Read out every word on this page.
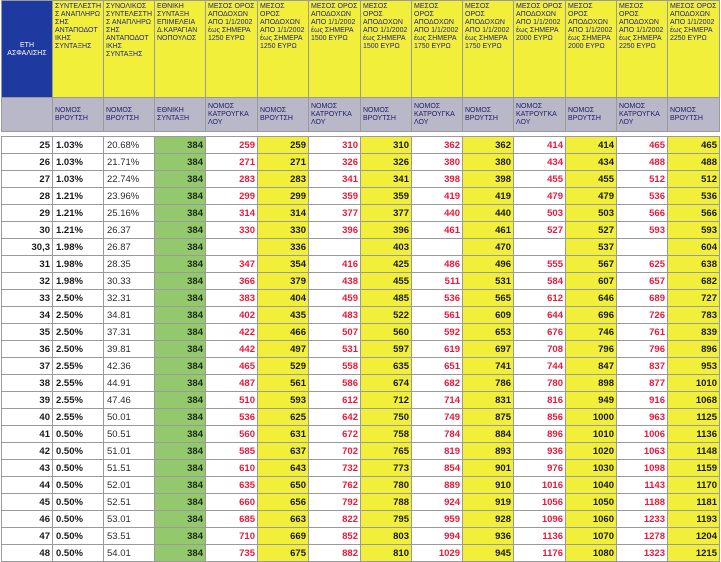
ΕΤΗ ΑΣΦΑΛΙΣΗΣ	ΣΥΝΤΕΛΕΣΤΗ Σ ΑΝΑΠΛΗΡΩ ΣΗΣ ΑΝΤΑΠΟΔΟΤ ΙΚΗΣ ΣΥΝΤΑΞΗΣ	ΣΥΝΟΛΙΚΟΣ ΣΥΝΤΕΛΕΣΤΗ Σ ΑΝΑΠΛΗΡΩ ΣΗΣ ΑΝΤΑΠΟΔΟΤ ΙΚΗΣ ΣΥΝΤΑΞΗΣ	ΕΘΝΙΚΗ ΣΥΝΤΑΞΗ ΕΠΙΜΕΛΕΙΑ Δ.ΚΑΡΑΓΙΑΝ ΝΟΠΟΥΛΟΣ	ΜΕΣΟΣ ΟΡΟΣ ΑΠΟΔΟΧΩΝ ΑΠΟ 1/1/2002 έως ΣΗΜΕΡΑ 1250 ΕΥΡΩ	ΜΕΣΟΣ ΟΡΟΣ ΑΠΟΔΟΧΩΝ ΑΠΟ 1/1/2002 έως ΣΗΜΕΡΑ 1250 ΕΥΡΩ	ΜΕΣΟΣ ΟΡΟΣ ΑΠΟΔΟΧΩΝ ΑΠΟ 1/1/2002 έως ΣΗΜΕΡΑ 1500 ΕΥΡΩ	ΜΕΣΟΣ ΟΡΟΣ ΑΠΟΔΟΧΩΝ ΑΠΟ 1/1/2002 έως ΣΗΜΕΡΑ 1500 ΕΥΡΩ	ΜΕΣΟΣ ΟΡΟΣ ΑΠΟΔΟΧΩΝ ΑΠΟ 1/1/2002 έως ΣΗΜΕΡΑ 1750 ΕΥΡΩ	ΜΕΣΟΣ ΟΡΟΣ ΑΠΟΔΟΧΩΝ ΑΠΟ 1/1/2002 έως ΣΗΜΕΡΑ 1750 ΕΥΡΩ	ΜΕΣΟΣ ΟΡΟΣ ΑΠΟΔΟΧΩΝ ΑΠΟ 1/1/2002 έως ΣΗΜΕΡΑ 2000 ΕΥΡΩ	ΜΕΣΟΣ ΟΡΟΣ ΑΠΟΔΟΧΩΝ ΑΠΟ 1/1/2002 έως ΣΗΜΕΡΑ 2000 ΕΥΡΩ	ΜΕΣΟΣ ΟΡΟΣ ΑΠΟΔΟΧΩΝ ΑΠΟ 1/1/2002 έως ΣΗΜΕΡΑ 2250 ΕΥΡΩ	ΜΕΣΟΣ ΟΡΟΣ ΑΠΟΔΟΧΩΝ ΑΠΟ 1/1/2002 έως ΣΗΜΕΡΑ 2250 ΕΥΡΩ
	ΝΟΜΟΣ ΒΡΟΥΤΣΗ	ΝΟΜΟΣ ΒΡΟΥΤΣΗ	ΕΘΝΙΚΗ ΣΥΝΤΑΞΗ	ΝΟΜΟΣ ΚΑΤΡΟΥΓΚΑ ΛΟΥ	ΝΟΜΟΣ ΒΡΟΥΤΣΗ	ΝΟΜΟΣ ΚΑΤΡΟΥΓΚΑ ΛΟΥ	ΝΟΜΟΣ ΒΡΟΥΤΣΗ	ΝΟΜΟΣ ΚΑΤΡΟΥΓΚΑ ΛΟΥ	ΝΟΜΟΣ ΒΡΟΥΤΣΗ	ΝΟΜΟΣ ΚΑΤΡΟΥΓΚΑ ΛΟΥ	ΝΟΜΟΣ ΒΡΟΥΤΣΗ	ΝΟΜΟΣ ΚΑΤΡΟΥΓΚΑ ΛΟΥ	ΝΟΜΟΣ ΒΡΟΥΤΣΗ

25	1.03%	20.68%	384	259	259	310	310	362	362	414	414	465	465
26	1.03%	21.71%	384	271	271	326	326	380	380	434	434	488	488
27	1.03%	22.74%	384	283	283	341	341	398	398	455	455	512	512
28	1.21%	23.96%	384	299	299	359	359	419	419	479	479	536	536
29	1.21%	25.16%	384	314	314	377	377	440	440	503	503	566	566
30	1.21%	26.37	384	330	330	396	396	461	461	527	527	593	593
30,3	1.98%	26.87	384		336		403		470		537		604
31	1.98%	28.35	384	347	354	416	425	486	496	555	567	625	638
32	1.98%	30.33	384	366	379	438	455	511	531	584	607	657	682
33	2.50%	32.31	384	383	404	459	485	536	565	612	646	689	727
34	2.50%	34.81	384	402	435	483	522	561	609	644	696	726	783
35	2.50%	37.31	384	422	466	507	560	592	653	676	746	761	839
36	2.50%	39.81	384	442	497	531	597	619	697	708	796	796	896
37	2.55%	42.36	384	465	529	558	635	651	741	744	847	837	953
38	2.55%	44.91	384	487	561	586	674	682	786	780	898	877	1010
39	2.55%	47.46	384	510	593	612	712	714	831	816	949	916	1068
40	2.55%	50.01	384	536	625	642	750	749	875	856	1000	963	1125
41	0.50%	50.51	384	560	631	672	758	784	884	896	1010	1006	1136
42	0.50%	51.01	384	585	637	702	765	819	893	936	1020	1063	1148
43	0.50%	51.51	384	610	643	732	773	854	901	976	1030	1098	1159
44	0.50%	52.01	384	635	650	762	780	889	910	1016	1040	1143	1170
45	0.50%	52.51	384	660	656	792	788	924	919	1056	1050	1188	1181
46	0.50%	53.01	384	685	663	822	795	959	928	1096	1060	1233	1193
47	0.50%	53.51	384	710	669	852	803	994	936	1136	1070	1278	1204
48	0.50%	54.01	384	735	675	882	810	1029	945	1176	1080	1323	1215
